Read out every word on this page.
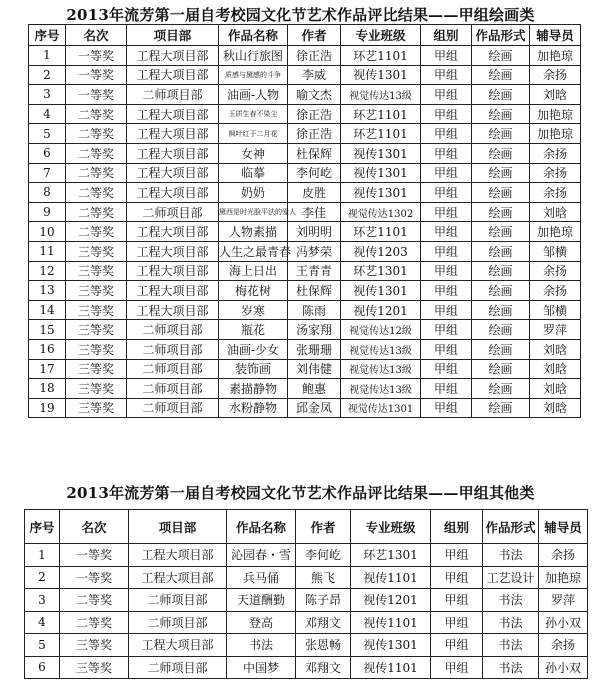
2013年流芳第一届自考校园文化节艺术作品评比结果——甲组绘画类
序号	名次	项目部	作品名称	作者	专业班级	组别	作品形式	辅导员
1	一等奖	工程大项目部	秋山行旅图	徐正浩	环艺1101	甲组	绘画	加艳琼
2	一等奖	工程大项目部	质感与黛感的斗争	李威	视传1301	甲组	绘画	余扬
3	一等奖	二师项目部	油画-人物	喻文杰	视觉传达13级	甲组	绘画	刘晗
4	二等奖	工程大项目部	玉质生春不染尘	徐正浩	环艺1101	甲组	绘画	加艳琼
5	二等奖	工程大项目部	枫叶红于二月花	徐正浩	环艺1101	甲组	绘画	加艳琼
6	二等奖	工程大项目部	女神	杜保辉	视传1301	甲组	绘画	余扬
7	二等奖	工程大项目部	临摹	李何屹	视传1301	甲组	绘画	余扬
8	二等奖	工程大项目部	奶奶	皮胜	视传1301	甲组	绘画	余扬
9	二等奖	二师项目部	黛西是时光脸平法的爱人	李佳	视觉传达1302	甲组	绘画	刘晗
10	二等奖	工程大项目部	人物素描	刘明明	环艺1101	甲组	绘画	加艳琼
11	三等奖	工程大项目部	人生之最青春	冯梦荣	视传1203	甲组	绘画	邹横
12	三等奖	工程大项目部	海上日出	王青青	环艺1301	甲组	绘画	余扬
13	三等奖	工程大项目部	梅花树	杜保辉	视传1301	甲组	绘画	余扬
14	三等奖	工程大项目部	岁寒	陈雨	视传1201	甲组	绘画	邹横
15	三等奖	二师项目部	瓶花	汤家翔	视觉传达12级	甲组	绘画	罗萍
16	三等奖	二师项目部	油画-少女	张珊珊	视觉传达13级	甲组	绘画	刘晗
17	三等奖	二师项目部	装饰画	刘伟健	视觉传达13级	甲组	绘画	刘晗
18	三等奖	二师项目部	素描静物	鲍惠	视觉传达13级	甲组	绘画	刘晗
19	三等奖	二师项目部	水粉静物	邱金凤	视觉传达1301	甲组	绘画	刘晗
2013年流芳第一届自考校园文化节艺术作品评比结果——甲组其他类
序号	名次	项目部	作品名称	作者	专业班级	组别	作品形式	辅导员
1	一等奖	工程大项目部	沁园春・雪	李何屹	环艺1301	甲组	书法	余扬
2	一等奖	工程大项目部	兵马俑	熊飞	视传1101	甲组	工艺设计	加艳琼
3	二等奖	二师项目部	天道酬勤	陈子昂	视传1201	甲组	书法	罗萍
4	二等奖	二师项目部	登高	邓翔文	视传1101	甲组	书法	孙小双
5	三等奖	工程大项目部	书法	张恩畅	视传1301	甲组	书法	余扬
6	三等奖	二师项目部	中国梦	邓翔文	视传1101	甲组	书法	孙小双
